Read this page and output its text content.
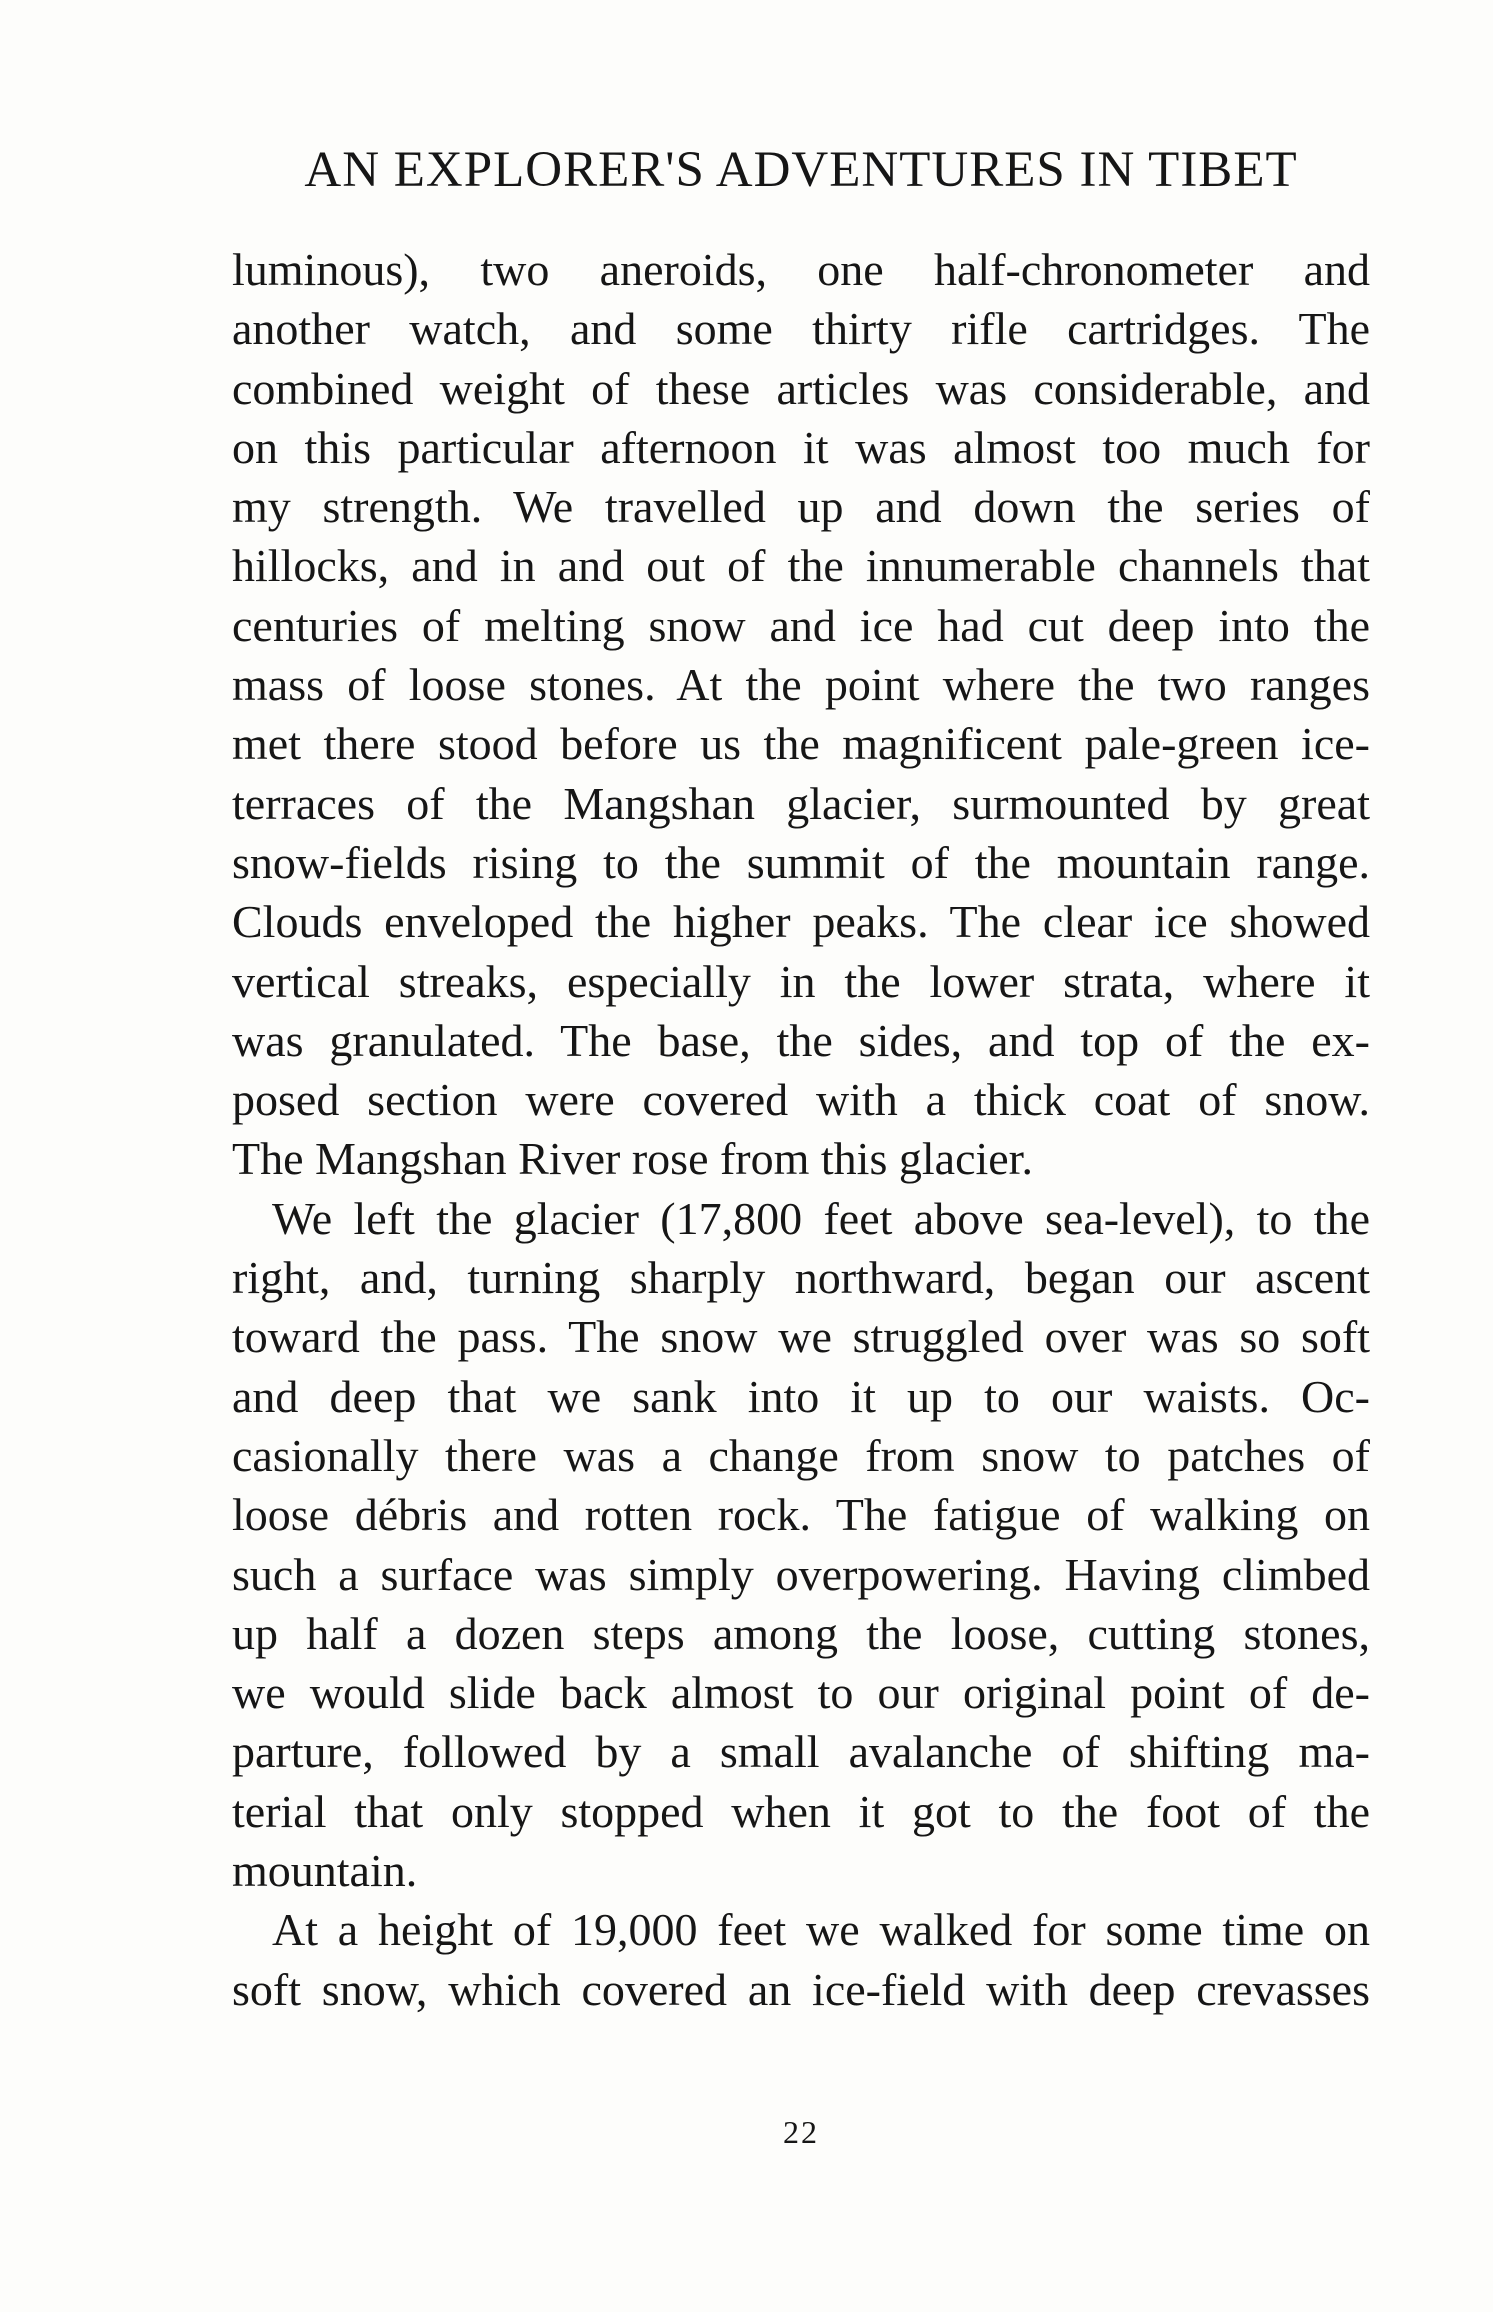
AN EXPLORER'S ADVENTURES IN TIBET
luminous), two aneroids, one half-chronometer and
another watch, and some thirty rifle cartridges. The
combined weight of these articles was considerable, and
on this particular afternoon it was almost too much for
my strength. We travelled up and down the series of
hillocks, and in and out of the innumerable channels that
centuries of melting snow and ice had cut deep into the
mass of loose stones. At the point where the two ranges
met there stood before us the magnificent pale-green ice-
terraces of the Mangshan glacier, surmounted by great
snow-fields rising to the summit of the mountain range.
Clouds enveloped the higher peaks. The clear ice showed
vertical streaks, especially in the lower strata, where it
was granulated. The base, the sides, and top of the ex-
posed section were covered with a thick coat of snow.
The Mangshan River rose from this glacier.
We left the glacier (17,800 feet above sea-level), to the
right, and, turning sharply northward, began our ascent
toward the pass. The snow we struggled over was so soft
and deep that we sank into it up to our waists. Oc-
casionally there was a change from snow to patches of
loose débris and rotten rock. The fatigue of walking on
such a surface was simply overpowering. Having climbed
up half a dozen steps among the loose, cutting stones,
we would slide back almost to our original point of de-
parture, followed by a small avalanche of shifting ma-
terial that only stopped when it got to the foot of the
mountain.
At a height of 19,000 feet we walked for some time on
soft snow, which covered an ice-field with deep crevasses
22
